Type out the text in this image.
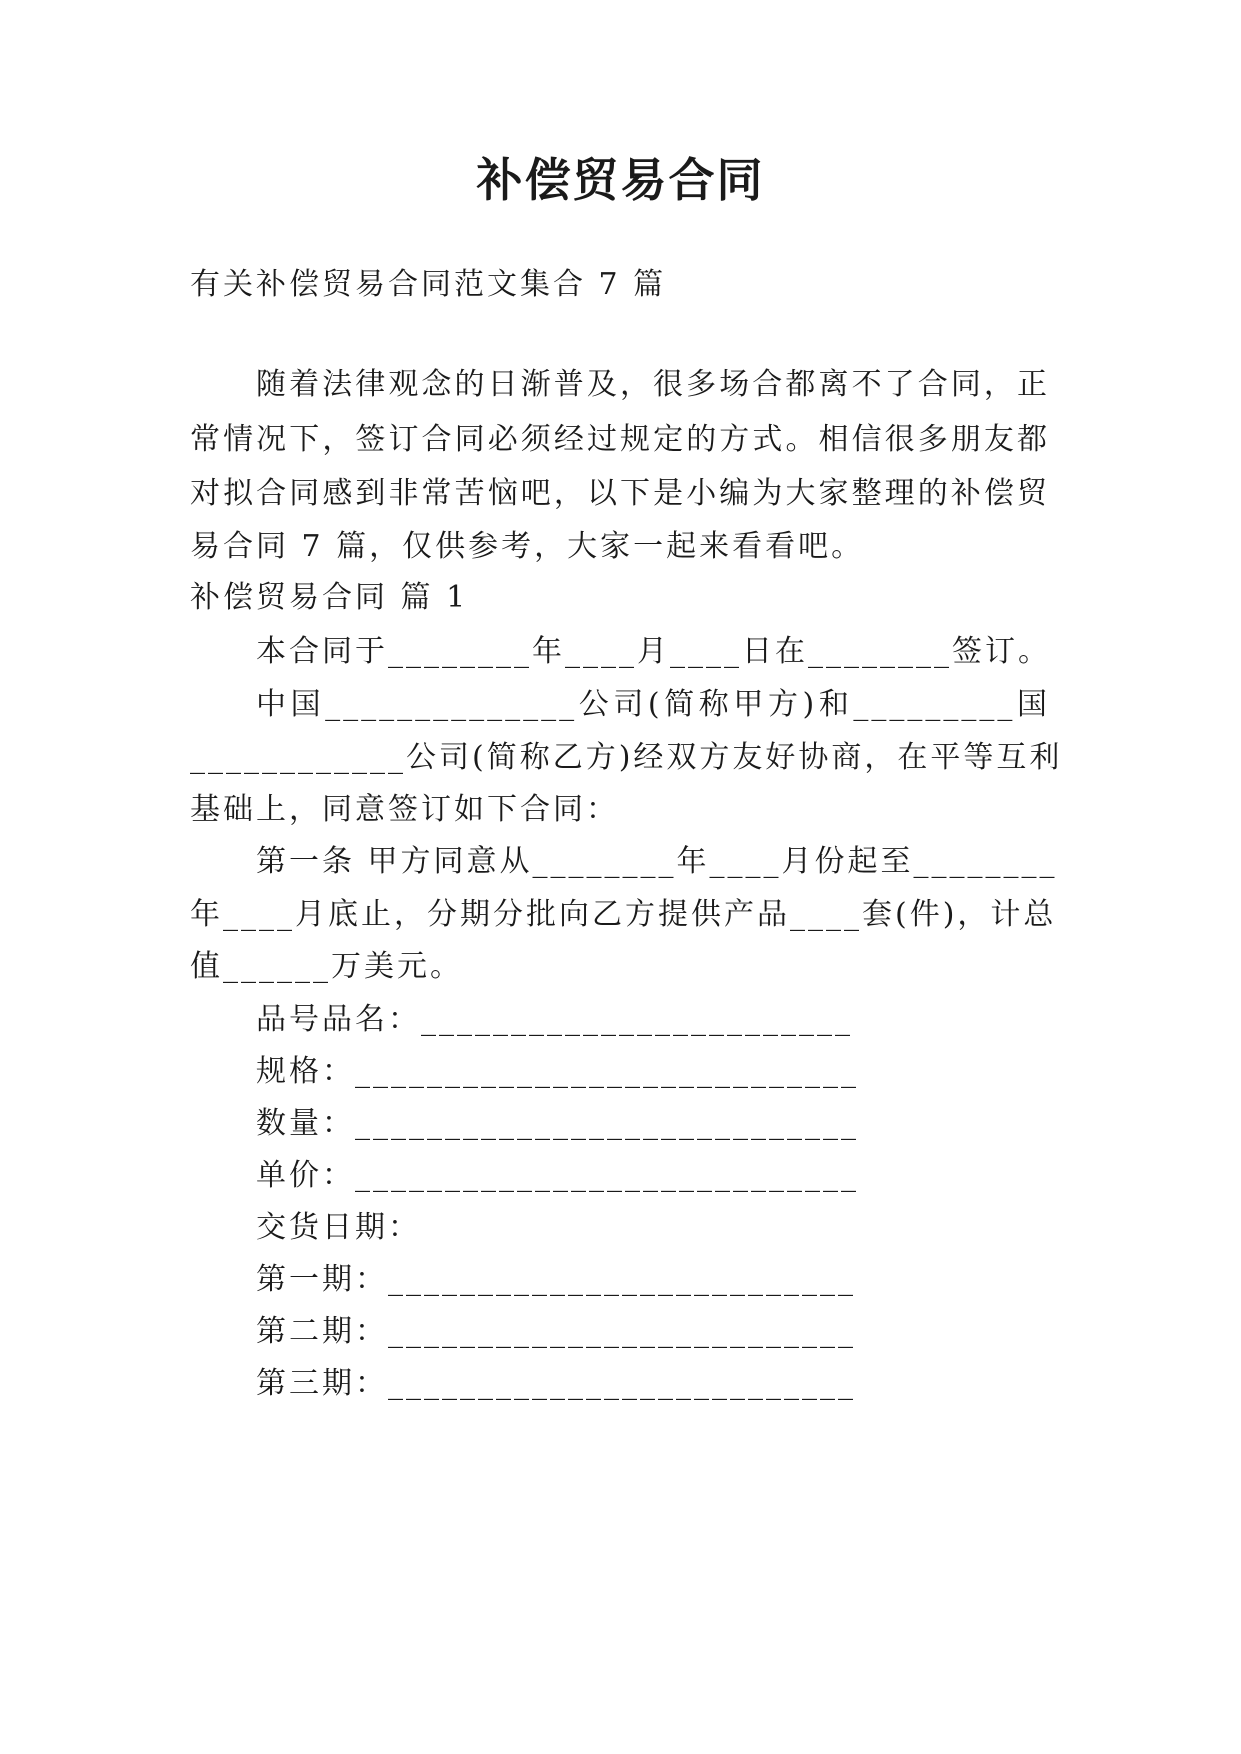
补偿贸易合同
有关补偿贸易合同范文集合 7 篇
随着法律观念的日渐普及，很多场合都离不了合同，正
常情况下，签订合同必须经过规定的方式。相信很多朋友都
对拟合同感到非常苦恼吧，以下是小编为大家整理的补偿贸
易合同 7 篇，仅供参考，大家一起来看看吧。
补偿贸易合同 篇 1
本合同于________年____月____日在________签订。
中国______________公司(简称甲方)和_________国
____________公司(简称乙方)经双方友好协商，在平等互利
基础上，同意签订如下合同：
第一条 甲方同意从________年____月份起至________
年____月底止，分期分批向乙方提供产品____套(件)，计总
值______万美元。
品号品名：________________________
规格：____________________________
数量：____________________________
单价：____________________________
交货日期：
第一期：__________________________
第二期：__________________________
第三期：__________________________
